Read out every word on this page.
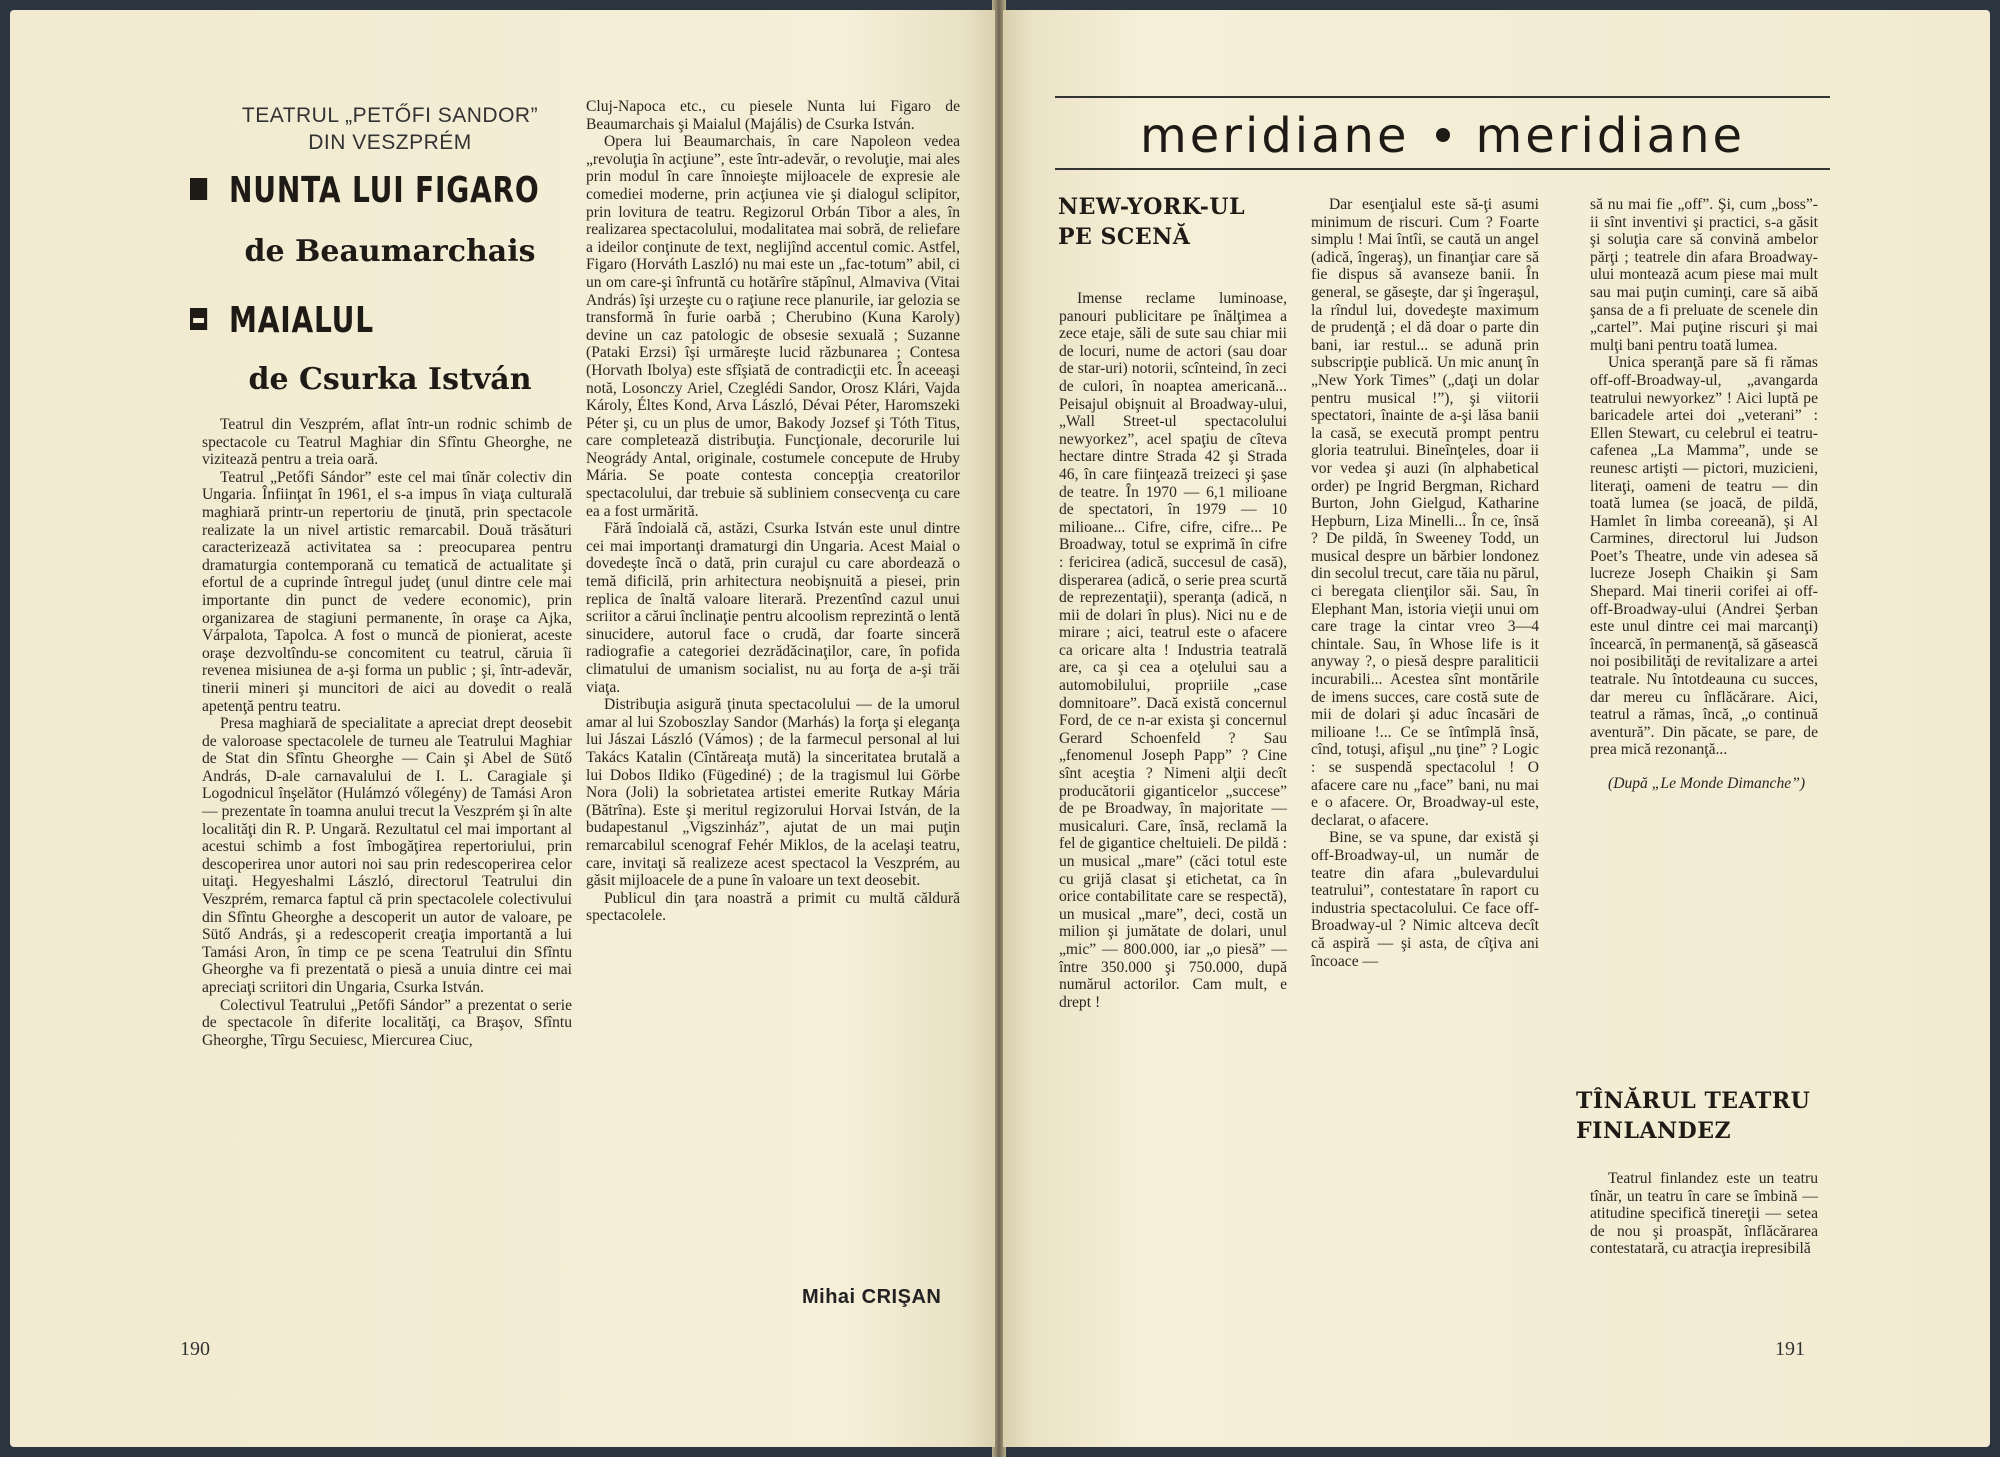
TEATRUL „PETŐFI SANDOR”
DIN VESZPRÉM
NUNTA LUI FIGARO
de Beaumarchais
MAIALUL
de Csurka István

Teatrul din Veszprém, aflat într-un rodnic schimb de spectacole cu Teatrul Maghiar din Sfîntu Gheorghe, ne vizitează pentru a treia oară.

Teatrul „Petőfi Sándor” este cel mai tînăr colectiv din Ungaria. Înfiinţat în 1961, el s-a impus în viaţa culturală maghiară printr-un repertoriu de ţinută, prin spectacole realizate la un nivel artistic remarcabil. Două trăsături caracterizează activitatea sa : preocuparea pentru dramaturgia contemporană cu tematică de actualitate şi efortul de a cuprinde întregul judeţ (unul dintre cele mai importante din punct de vedere economic), prin organizarea de stagiuni permanente, în oraşe ca Ajka, Várpalota, Tapolca. A fost o muncă de pionierat, aceste oraşe dezvoltîndu-se concomitent cu teatrul, căruia îi revenea misiunea de a-şi forma un public ; şi, într-adevăr, tinerii mineri şi muncitori de aici au dovedit o reală apetenţă pentru teatru.

Presa maghiară de specialitate a apreciat drept deosebit de valoroase spectacolele de turneu ale Teatrului Maghiar de Stat din Sfîntu Gheorghe — Cain şi Abel de Sütő András, D-ale carnavalului de I. L. Caragiale şi Logodnicul înşelător (Hulámzó vőlegény) de Tamási Aron — prezentate în toamna anului trecut la Veszprém şi în alte localităţi din R. P. Ungară. Rezultatul cel mai important al acestui schimb a fost îmbogăţirea repertoriului, prin descoperirea unor autori noi sau prin redescoperirea celor uitaţi. Hegyeshalmi László, directorul Teatrului din Veszprém, remarca faptul că prin spectacolele colectivului din Sfîntu Gheorghe a descoperit un autor de valoare, pe Sütő András, şi a redescoperit creaţia importantă a lui Tamási Aron, în timp ce pe scena Teatrului din Sfîntu Gheorghe va fi prezentată o piesă a unuia dintre cei mai apreciaţi scriitori din Ungaria, Csurka István.

Colectivul Teatrului „Petőfi Sándor” a prezentat o serie de spectacole în diferite localităţi, ca Braşov, Sfîntu Gheorghe, Tîrgu Secuiesc, Miercurea Ciuc,

Cluj-Napoca etc., cu piesele Nunta lui Figaro de Beaumarchais şi Maialul (Majális) de Csurka István.

Opera lui Beaumarchais, în care Napoleon vedea „revoluţia în acţiune”, este într-adevăr, o revoluţie, mai ales prin modul în care înnoieşte mijloacele de expresie ale comediei moderne, prin acţiunea vie şi dialogul sclipitor, prin lovitura de teatru. Regizorul Orbán Tibor a ales, în realizarea spectacolului, modalitatea mai sobră, de reliefare a ideilor conţinute de text, neglijînd accentul comic. Astfel, Figaro (Horváth Laszló) nu mai este un „fac-totum” abil, ci un om care-şi înfruntă cu hotărîre stăpînul, Almaviva (Vitai András) îşi urzeşte cu o raţiune rece planurile, iar gelozia se transformă în furie oarbă ; Cherubino (Kuna Karoly) devine un caz patologic de obsesie sexuală ; Suzanne (Pataki Erzsi) îşi urmăreşte lucid răzbunarea ; Contesa (Horvath Ibolya) este sfîşiată de contradicţii etc. În aceeaşi notă, Losonczy Ariel, Czeglédi Sandor, Orosz Klári, Vajda Károly, Éltes Kond, Arva László, Dévai Péter, Haromszeki Péter şi, cu un plus de umor, Bakody Jozsef şi Tóth Titus, care completează distribuţia. Funcţionale, decorurile lui Neogrády Antal, originale, costumele concepute de Hruby Mária. Se poate contesta concepţia creatorilor spectacolului, dar trebuie să subliniem consecvenţa cu care ea a fost urmărită.

Fără îndoială că, astăzi, Csurka István este unul dintre cei mai importanţi dramaturgi din Ungaria. Acest Maial o dovedeşte încă o dată, prin curajul cu care abordează o temă dificilă, prin arhitectura neobişnuită a piesei, prin replica de înaltă valoare literară. Prezentînd cazul unui scriitor a cărui înclinaţie pentru alcoolism reprezintă o lentă sinucidere, autorul face o crudă, dar foarte sinceră radiografie a categoriei dezrădăcinaţilor, care, în pofida climatului de umanism socialist, nu au forţa de a-şi trăi viaţa.

Distribuţia asigură ţinuta spectacolului — de la umorul amar al lui Szoboszlay Sandor (Marhás) la forţa şi eleganţa lui Jászai László (Vámos) ; de la farmecul personal al lui Takács Katalin (Cîntăreaţa mută) la sinceritatea brutală a lui Dobos Ildiko (Fügediné) ; de la tragismul lui Görbe Nora (Joli) la sobrietatea artistei emerite Rutkay Mária (Bătrîna). Este şi meritul regizorului Horvai István, de la budapestanul „Vigszinház”, ajutat de un mai puţin remarcabilul scenograf Fehér Miklos, de la acelaşi teatru, care, invitaţi să realizeze acest spectacol la Veszprém, au găsit mijloacele de a pune în valoare un text deosebit.

Publicul din ţara noastră a primit cu multă căldură spectacolele.

Mihai CRIŞAN
190
meridiane meridiane
NEW-YORK-UL
PE SCENĂ

Imense reclame luminoase, panouri publicitare pe înălţimea a zece etaje, săli de sute sau chiar mii de locuri, nume de actori (sau doar de star-uri) notorii, scînteind, în zeci de culori, în noaptea americană... Peisajul obişnuit al Broadway-ului, „Wall Street-ul spectacolului newyorkez”, acel spaţiu de cîteva hectare dintre Strada 42 şi Strada 46, în care fiinţează treizeci şi şase de teatre. În 1970 — 6,1 milioane de spectatori, în 1979 — 10 milioane... Cifre, cifre, cifre... Pe Broadway, totul se exprimă în cifre : fericirea (adică, succesul de casă), disperarea (adică, o serie prea scurtă de reprezentaţii), speranţa (adică, n mii de dolari în plus). Nici nu e de mirare ; aici, teatrul este o afacere ca oricare alta ! Industria teatrală are, ca şi cea a oţelului sau a automobilului, propriile „case domnitoare”. Dacă există concernul Ford, de ce n-ar exista şi concernul Gerard Schoenfeld ? Sau „fenomenul Joseph Papp” ? Cine sînt aceştia ? Nimeni alţii decît producătorii giganticelor „succese” de pe Broadway, în majoritate — musicaluri. Care, însă, reclamă la fel de gigantice cheltuieli. De pildă : un musical „mare” (căci totul este cu grijă clasat şi etichetat, ca în orice contabilitate care se respectă), un musical „mare”, deci, costă un milion şi jumătate de dolari, unul „mic” — 800.000, iar „o piesă” — între 350.000 şi 750.000, după numărul actorilor. Cam mult, e drept !

Dar esenţialul este să-ţi asumi minimum de riscuri. Cum ? Foarte simplu ! Mai întîi, se caută un angel (adică, îngeraş), un finanţiar care să fie dispus să avanseze banii. În general, se găseşte, dar şi îngeraşul, la rîndul lui, dovedeşte maximum de prudenţă ; el dă doar o parte din bani, iar restul... se adună prin subscripţie publică. Un mic anunţ în „New York Times” („daţi un dolar pentru musical !”), şi viitorii spectatori, înainte de a-şi lăsa banii la casă, se execută prompt pentru gloria teatrului. Bineînţeles, doar ii vor vedea şi auzi (în alphabetical order) pe Ingrid Bergman, Richard Burton, John Gielgud, Katharine Hepburn, Liza Minelli... În ce, însă ? De pildă, în Sweeney Todd, un musical despre un bărbier londonez din secolul trecut, care tăia nu părul, ci beregata clienţilor săi. Sau, în Elephant Man, istoria vieţii unui om care trage la cintar vreo 3—4 chintale. Sau, în Whose life is it anyway ?, o piesă despre paraliticii incurabili... Acestea sînt montările de imens succes, care costă sute de mii de dolari şi aduc încasări de milioane !... Ce se întîmplă însă, cînd, totuşi, afişul „nu ţine” ? Logic : se suspendă spectacolul ! O afacere care nu „face” bani, nu mai e o afacere. Or, Broadway-ul este, declarat, o afacere.

Bine, se va spune, dar există şi off-Broadway-ul, un număr de teatre din afara „bulevardului teatrului”, contestatare în raport cu industria spectacolului. Ce face off-Broadway-ul ? Nimic altceva decît că aspiră — şi asta, de cîţiva ani încoace —

să nu mai fie „off”. Şi, cum „boss”-ii sînt inventivi şi practici, s-a găsit şi soluţia care să convină ambelor părţi ; teatrele din afara Broadway-ului montează acum piese mai mult sau mai puţin cuminţi, care să aibă şansa de a fi preluate de scenele din „cartel”. Mai puţine riscuri şi mai mulţi bani pentru toată lumea.

Unica speranţă pare să fi rămas off-off-Broadway-ul, „avangarda teatrului newyorkez” ! Aici luptă pe baricadele artei doi „veterani” : Ellen Stewart, cu celebrul ei teatru-cafenea „La Mamma”, unde se reunesc artişti — pictori, muzicieni, literaţi, oameni de teatru — din toată lumea (se joacă, de pildă, Hamlet în limba coreeană), şi Al Carmines, directorul lui Judson Poet’s Theatre, unde vin adesea să lucreze Joseph Chaikin şi Sam Shepard. Mai tinerii corifei ai off-off-Broadway-ului (Andrei Şerban este unul dintre cei mai marcanţi) încearcă, în permanenţă, să găsească noi posibilităţi de revitalizare a artei teatrale. Nu întotdeauna cu succes, dar mereu cu înflăcărare. Aici, teatrul a rămas, încă, „o continuă aventură”. Din păcate, se pare, de prea mică rezonanţă...

(După „Le Monde Dimanche”)

TÎNĂRUL TEATRU
FINLANDEZ

Teatrul finlandez este un teatru tînăr, un teatru în care se îmbină — atitudine specifică tinereţii — setea de nou şi proaspăt, înflăcărarea contestatară, cu atracţia irepresibilă

191
